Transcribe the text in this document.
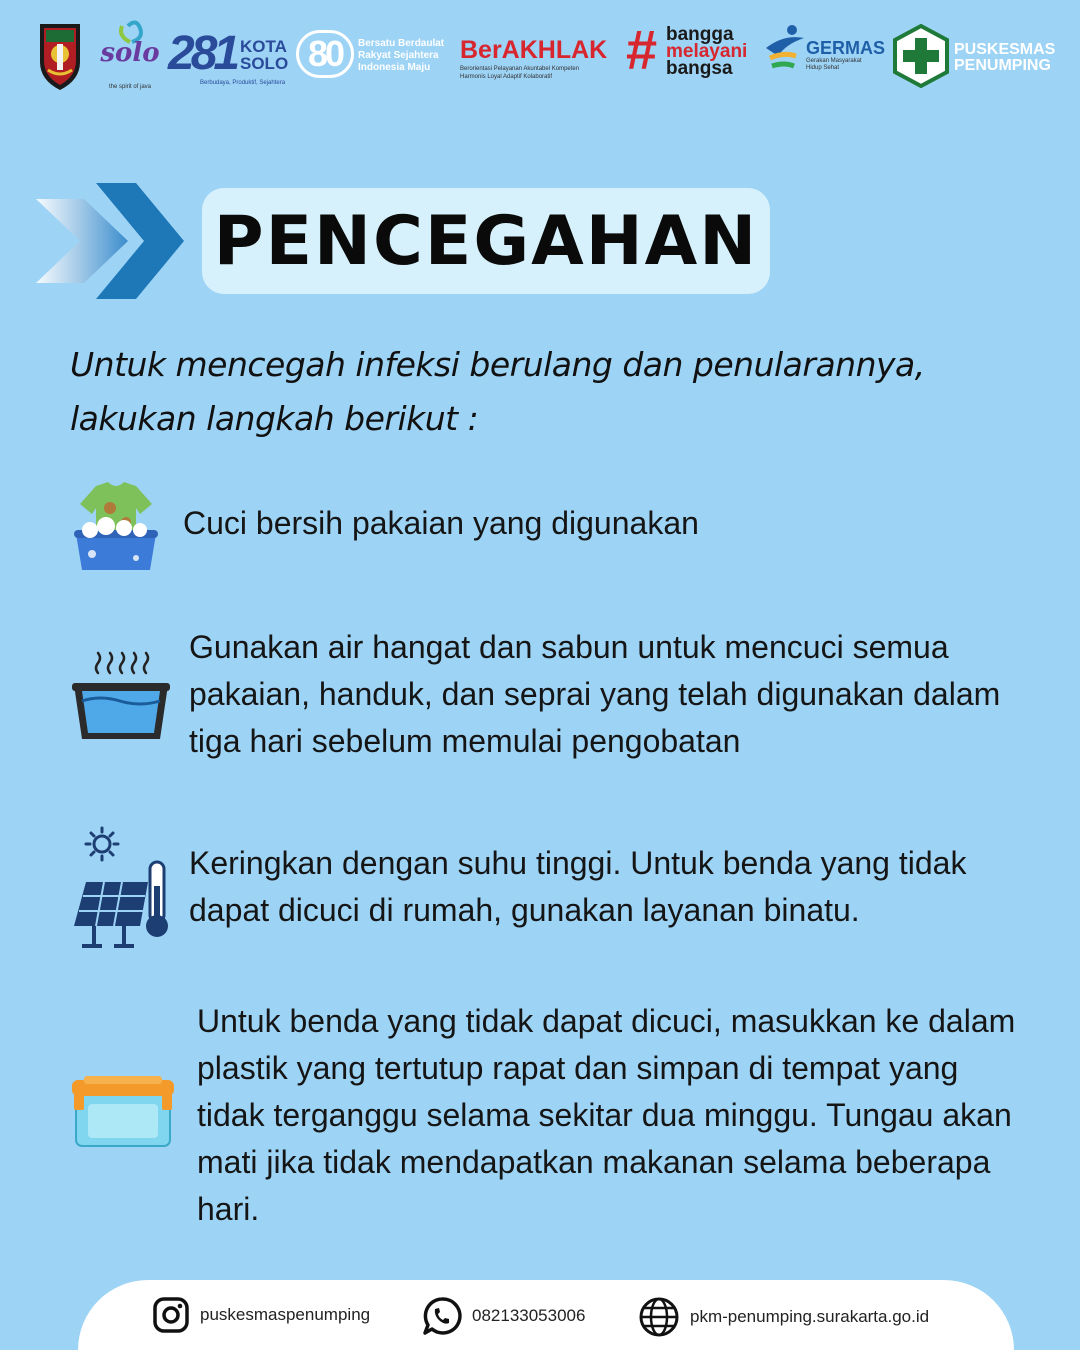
solo
the spirit of java
281 KOTA SOLO
Berbudaya, Produktif, Sejahtera
80 Bersatu Berdaulat
Rakyat Sejahtera
Indonesia Maju
BerAKHLAK
Berorientasi Pelayanan Akuntabel Kompeten
Harmonis Loyal Adaptif Kolaboratif	# bangga
melayani
bangsa
GERMAS
Gerakan Masyarakat
Hidup Sehat
PUSKESMAS
PENUMPING
PENCEGAHAN

Untuk mencegah infeksi berulang dan penularannya, lakukan langkah berikut :

Cuci bersih pakaian yang digunakan

Gunakan air hangat dan sabun untuk mencuci semua pakaian, handuk, dan seprai yang telah digunakan dalam tiga hari sebelum memulai pengobatan

Keringkan dengan suhu tinggi. Untuk benda yang tidak dapat dicuci di rumah, gunakan layanan binatu.

Untuk benda yang tidak dapat dicuci, masukkan ke dalam plastik yang tertutup rapat dan simpan di tempat yang tidak terganggu selama sekitar dua minggu. Tungau akan mati jika tidak mendapatkan makanan selama beberapa hari.

puskesmaspenumping	082133053006	pkm-penumping.surakarta.go.id
